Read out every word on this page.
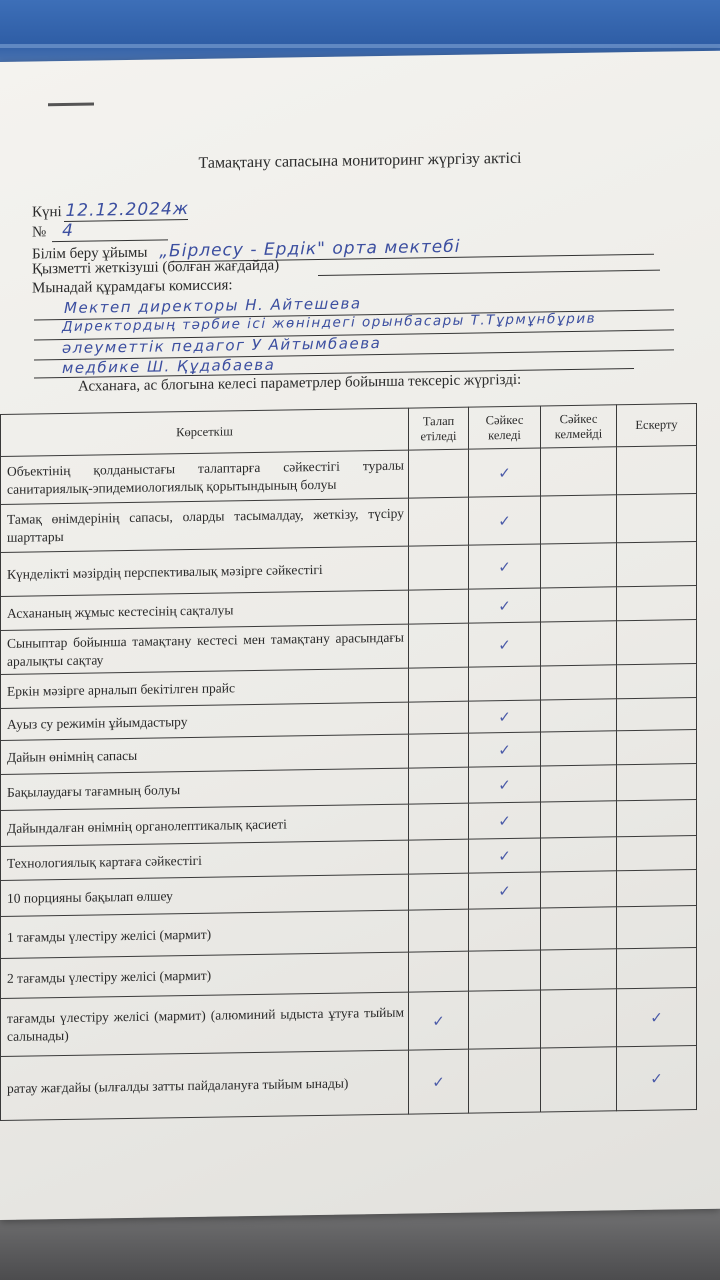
Тамақтану сапасына мониторинг жүргізу актісі
Күні 12.12.2024ж
№ 4
Білім беру ұйымы „Бірлесу - Ердік" орта мектебі
Қызметті жеткізуші (болған жағдайда)
Мынадай құрамдағы комиссия:
Мектеп директоры Н. Айтешева
Директордың тәрбие ісі жөніндегі орынбасары Т.Тұрмұнбұрив
әлеуметтік педагог У Айтымбаева
медбике Ш. Құдабаева
Асханаға, ас блогына келесі параметрлер бойынша тексеріс жүргізді:
Көрсеткіш	Талап етіледі	Сәйкес келеді	Сәйкес келмейді	Ескерту
Объектінің қолданыстағы талаптарға сәйкестігі туралы санитариялық-эпидемиологиялық қорытындының болуы		✓		
Тамақ өнімдерінің сапасы, оларды тасымалдау, жеткізу, түсіру шарттары		✓		
Күнделікті мәзірдің перспективалық мәзірге сәйкестігі		✓		
Асхананың жұмыс кестесінің сақталуы		✓		
Сыныптар бойынша тамақтану кестесі мен тамақтану арасындағы аралықты сақтау		✓		
Еркін мәзірге арналып бекітілген прайс				
Ауыз су режимін ұйымдастыру		✓		
Дайын өнімнің сапасы		✓		
Бақылаудағы тағамның болуы		✓		
Дайындалған өнімнің органолептикалық қасиеті		✓		
Технологиялық картаға сәйкестігі		✓		
10 порцияны бақылап өлшеу		✓		
1 тағамды үлестіру желісі (мармит)				
2 тағамды үлестіру желісі (мармит)				
тағамды үлестіру желісі (мармит) (алюминий ыдыста ұтуға тыйым салынады)	✓			✓
ратау жағдайы (ылғалды затты пайдалануға тыйым ынады)	✓			✓
